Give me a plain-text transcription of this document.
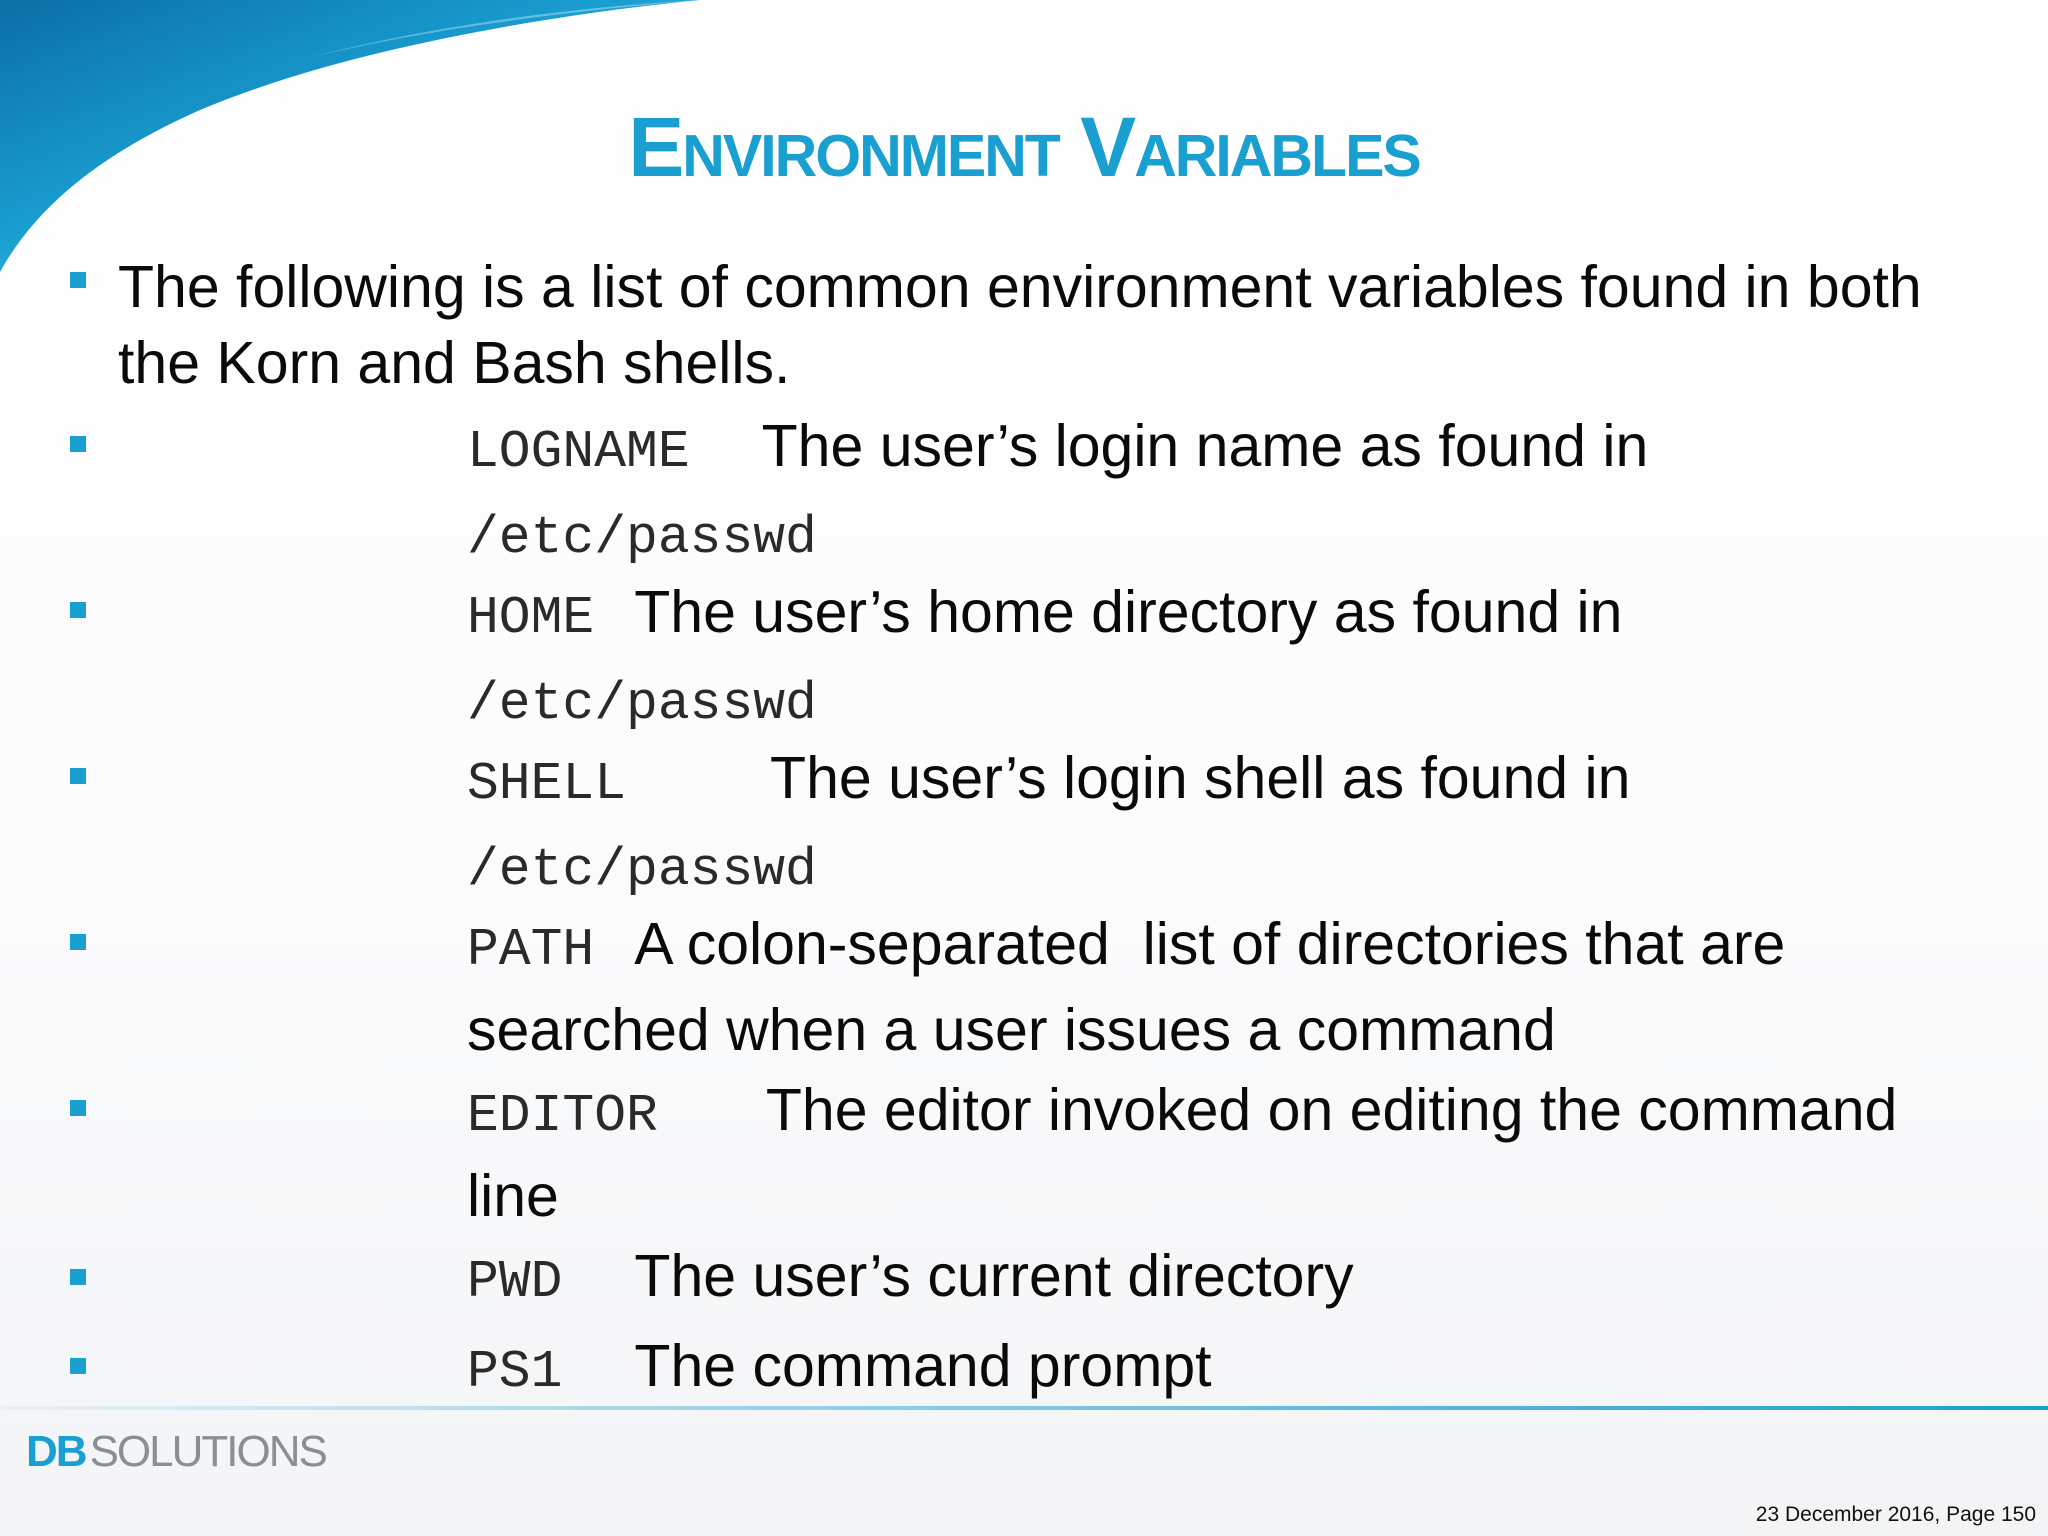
Environment Variables
The following is a list of common environment variables found in both the Korn and Bash shells.
LOGNAME The user’s login name as found in
/etc/passwd
HOME The user’s home directory as found in
/etc/passwd
SHELL The user’s login shell as found in
/etc/passwd
PATH A colon-separated  list of directories that are
searched when a user issues a command
EDITOR The editor invoked on editing the command
line
PWD The user’s current directory
PS1 The command prompt
DB SOLUTIONS
23 December 2016, Page 150
